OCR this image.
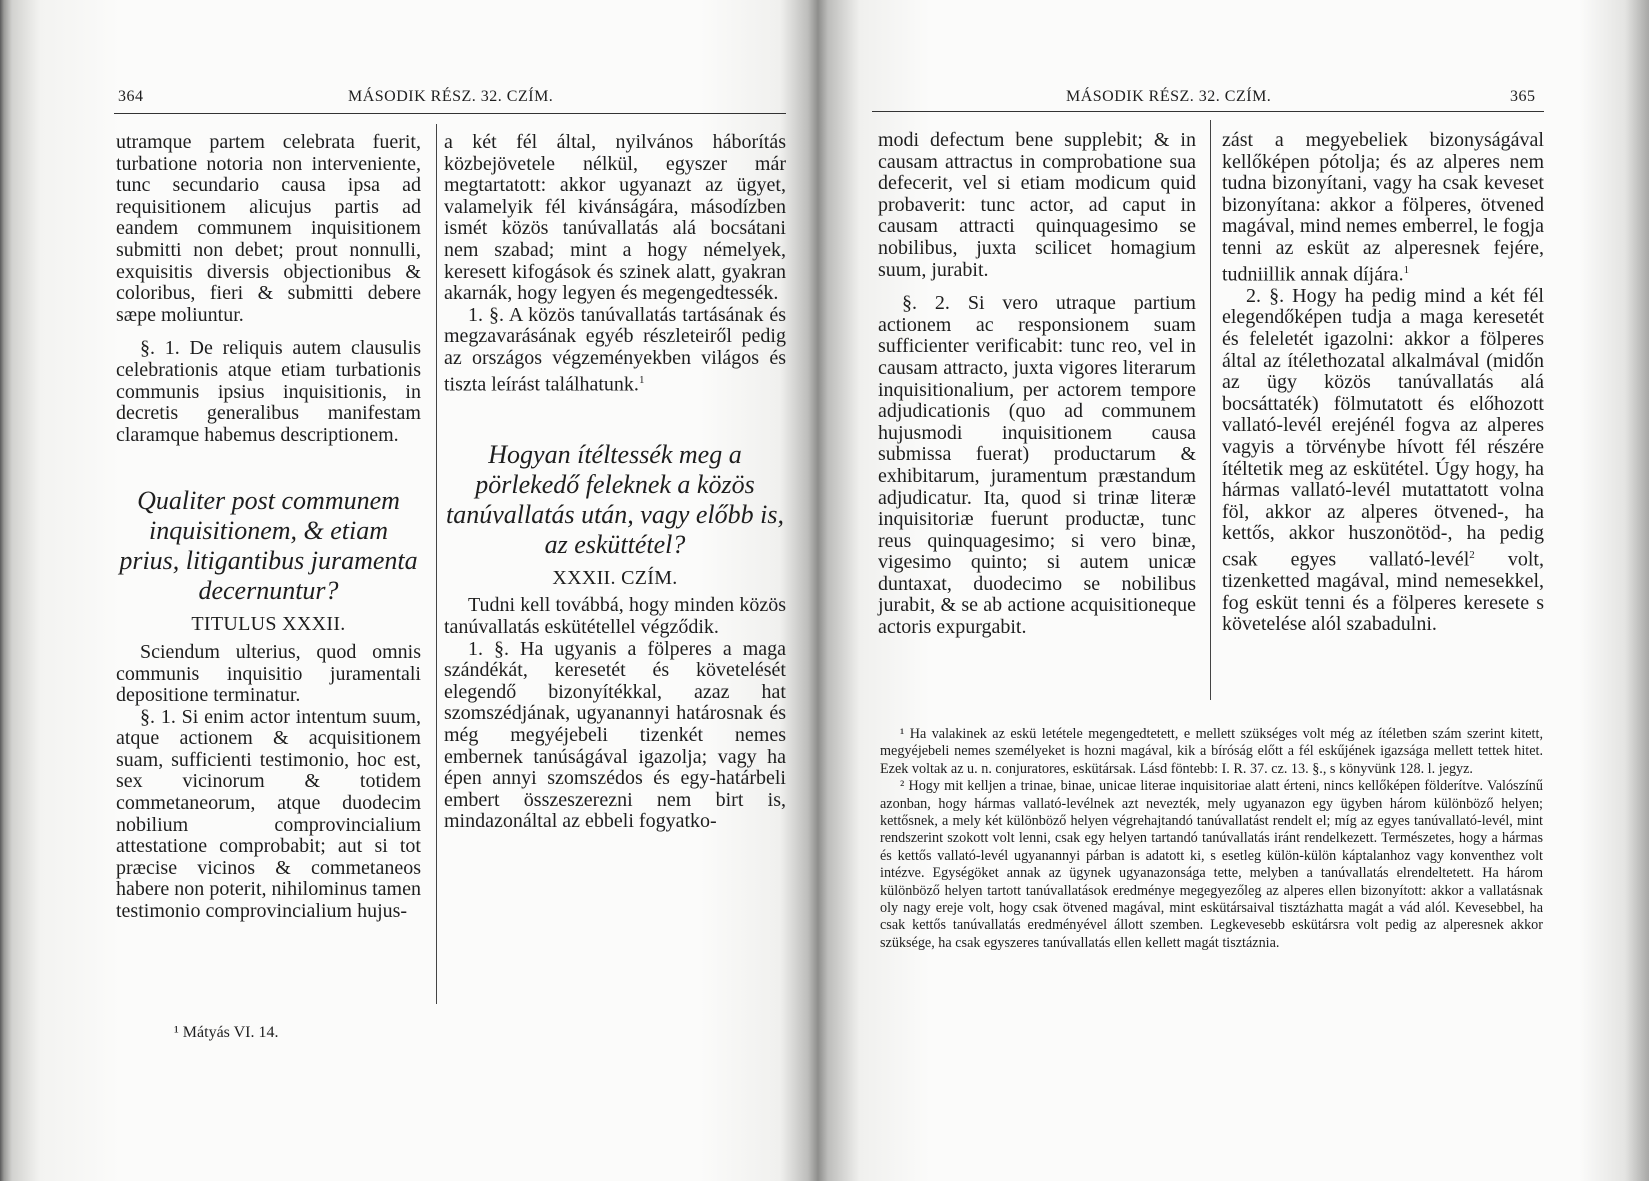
364	MÁSODIK RÉSZ. 32. CZÍM.

utramque partem celebrata fuerit, turbatione notoria non interveniente, tunc secundario causa ipsa ad requisitionem alicujus partis ad eandem communem inquisitionem submitti non debet; prout nonnulli, exquisitis diversis objectionibus & coloribus, fieri & submitti debere sæpe moliuntur.

§. 1. De reliquis autem clausulis celebrationis atque etiam turbationis communis ipsius inquisitionis, in decretis generalibus manifestam claramque habemus descriptionem.

Qualiter post communem inquisitionem, & etiam prius, litigantibus juramenta decernuntur?
TITULUS XXXII.

Sciendum ulterius, quod omnis communis inquisitio juramentali depositione terminatur.

§. 1. Si enim actor intentum suum, atque actionem & acquisitionem suam, sufficienti testimonio, hoc est, sex vicinorum & totidem commetaneorum, atque duodecim nobilium comprovincialium attestatione comprobabit; aut si tot præcise vicinos & commetaneos habere non poterit, nihilominus tamen testimonio comprovincialium hujus-

a két fél által, nyilvános háborítás közbejövetele nélkül, egyszer már megtartatott: akkor ugyanazt az ügyet, valamelyik fél kivánságára, másodízben ismét közös tanúvallatás alá bocsátani nem szabad; mint a hogy némelyek, keresett kifogások és szinek alatt, gyakran akarnák, hogy legyen és megengedtessék.

1. §. A közös tanúvallatás tartásának és megzavarásának egyéb részleteiről pedig az országos végzeményekben világos és tiszta leírást találhatunk.$^1$

Hogyan ítéltessék meg a pörlekedő feleknek a közös tanúvallatás után, vagy előbb is, az esküttétel?
XXXII. CZÍM.

Tudni kell továbbá, hogy minden közös tanúvallatás eskütétellel végződik.

1. §. Ha ugyanis a fölperes a maga szándékát, keresetét és követelését elegendő bizonyítékkal, azaz hat szomszédjának, ugyanannyi határosnak és még megyéjebeli tizenkét nemes embernek tanúságával igazolja; vagy ha épen annyi szomszédos és egy-határbeli embert összeszerezni nem birt is, mindazonáltal az ebbeli fogyatko-

¹ Mátyás VI. 14.
MÁSODIK RÉSZ. 32. CZÍM.	365

modi defectum bene supplebit; & in causam attractus in comprobatione sua defecerit, vel si etiam modicum quid probaverit: tunc actor, ad caput in causam attracti quinquagesimo se nobilibus, juxta scilicet homagium suum, jurabit.

§. 2. Si vero utraque partium actionem ac responsionem suam sufficienter verificabit: tunc reo, vel in causam attracto, juxta vigores literarum inquisitionalium, per actorem tempore adjudicationis (quo ad communem hujusmodi inquisitionem causa submissa fuerat) productarum & exhibitarum, juramentum præstandum adjudicatur. Ita, quod si trinæ literæ inquisitoriæ fuerunt productæ, tunc reus quinquagesimo; si vero binæ, vigesimo quinto; si autem unicæ duntaxat, duodecimo se nobilibus jurabit, & se ab actione acquisitioneque actoris expurgabit.

zást a megyebeliek bizonyságával kellőképen pótolja; és az alperes nem tudna bizonyítani, vagy ha csak keveset bizonyítana: akkor a fölperes, ötvened magával, mind nemes emberrel, le fogja tenni az esküt az alperesnek fejére, tudniillik annak díjára.$^1$

2. §. Hogy ha pedig mind a két fél elegendőképen tudja a maga keresetét és feleletét igazolni: akkor a fölperes által az ítélethozatal alkalmával (midőn az ügy közös tanúvallatás alá bocsáttaték) fölmutatott és előhozott vallató-levél erejénél fogva az alperes vagyis a törvénybe hívott fél részére ítéltetik meg az eskütétel. Úgy hogy, ha hármas vallató-levél mutattatott volna föl, akkor az alperes ötvened-, ha kettős, akkor huszonötöd-, ha pedig csak egyes vallató-levél$^2$ volt, tizenketted magával, mind nemesekkel, fog esküt tenni és a fölperes keresete s követelése alól szabadulni.

¹ Ha valakinek az eskü letétele megengedtetett, e mellett szükséges volt még az ítéletben szám szerint kitett, megyéjebeli nemes személyeket is hozni magával, kik a bíróság előtt a fél eskűjének igazsága mellett tettek hitet. Ezek voltak az u. n. conjuratores, eskütársak. Lásd föntebb: I. R. 37. cz. 13. §., s könyvünk 128. l. jegyz.

² Hogy mit kelljen a trinae, binae, unicae literae inquisitoriae alatt érteni, nincs kellőképen földerítve. Valószínű azonban, hogy hármas vallató-levélnek azt nevezték, mely ugyanazon egy ügyben három különböző helyen; kettősnek, a mely két különböző helyen végrehajtandó tanúvallatást rendelt el; míg az egyes tanúvallató-levél, mint rendszerint szokott volt lenni, csak egy helyen tartandó tanúvallatás iránt rendelkezett. Természetes, hogy a hármas és kettős vallató-levél ugyanannyi párban is adatott ki, s esetleg külön-külön káptalanhoz vagy konventhez volt intézve. Egységöket annak az ügynek ugyanazonsága tette, melyben a tanúvallatás elrendeltetett. Ha három különböző helyen tartott tanúvallatások eredménye megegyezőleg az alperes ellen bizonyított: akkor a vallatásnak oly nagy ereje volt, hogy csak ötvened magával, mint eskütársaival tisztázhatta magát a vád alól. Kevesebbel, ha csak kettős tanúvallatás eredményével állott szemben. Legkevesebb eskütársra volt pedig az alperesnek akkor szüksége, ha csak egyszeres tanúvallatás ellen kellett magát tisztáznia.
